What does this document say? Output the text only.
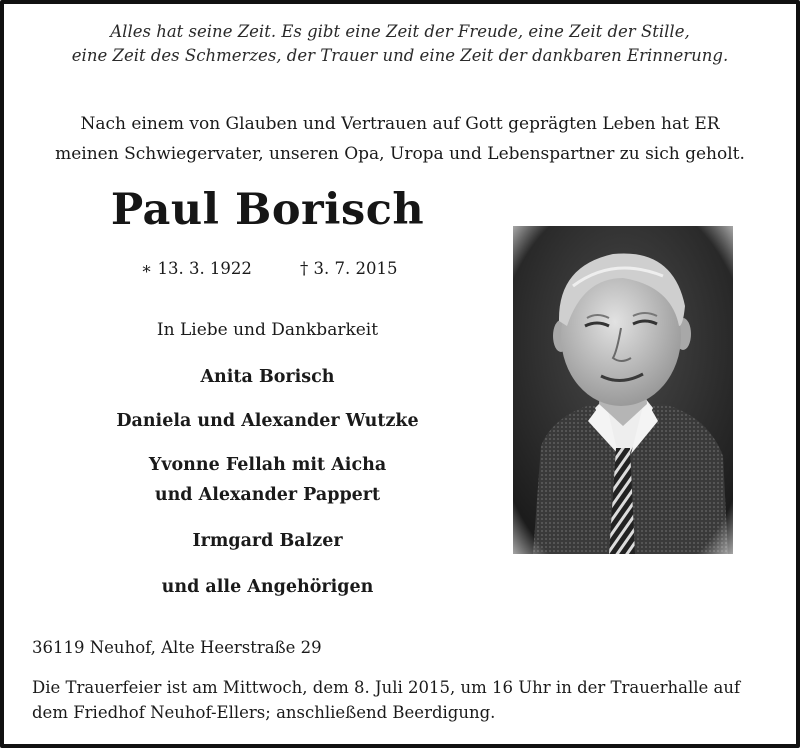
Alles hat seine Zeit. Es gibt eine Zeit der Freude, eine Zeit der Stille,
eine Zeit des Schmerzes, der Trauer und eine Zeit der dankbaren Erinnerung.
Nach einem von Glauben und Vertrauen auf Gott geprägten Leben hat ER
meinen Schwiegervater, unseren Opa, Uropa und Lebenspartner zu sich geholt.
Paul Borisch
∗ 13. 3. 1922	† 3. 7. 2015
In Liebe und Dankbarkeit
Anita Borisch
Daniela und Alexander Wutzke
Yvonne Fellah mit Aicha
und Alexander Pappert
Irmgard Balzer
und alle Angehörigen
36119 Neuhof, Alte Heerstraße 29
Die Trauerfeier ist am Mittwoch, dem 8. Juli 2015, um 16 Uhr in der Trauerhalle auf
dem Friedhof Neuhof-Ellers; anschließend Beerdigung.
